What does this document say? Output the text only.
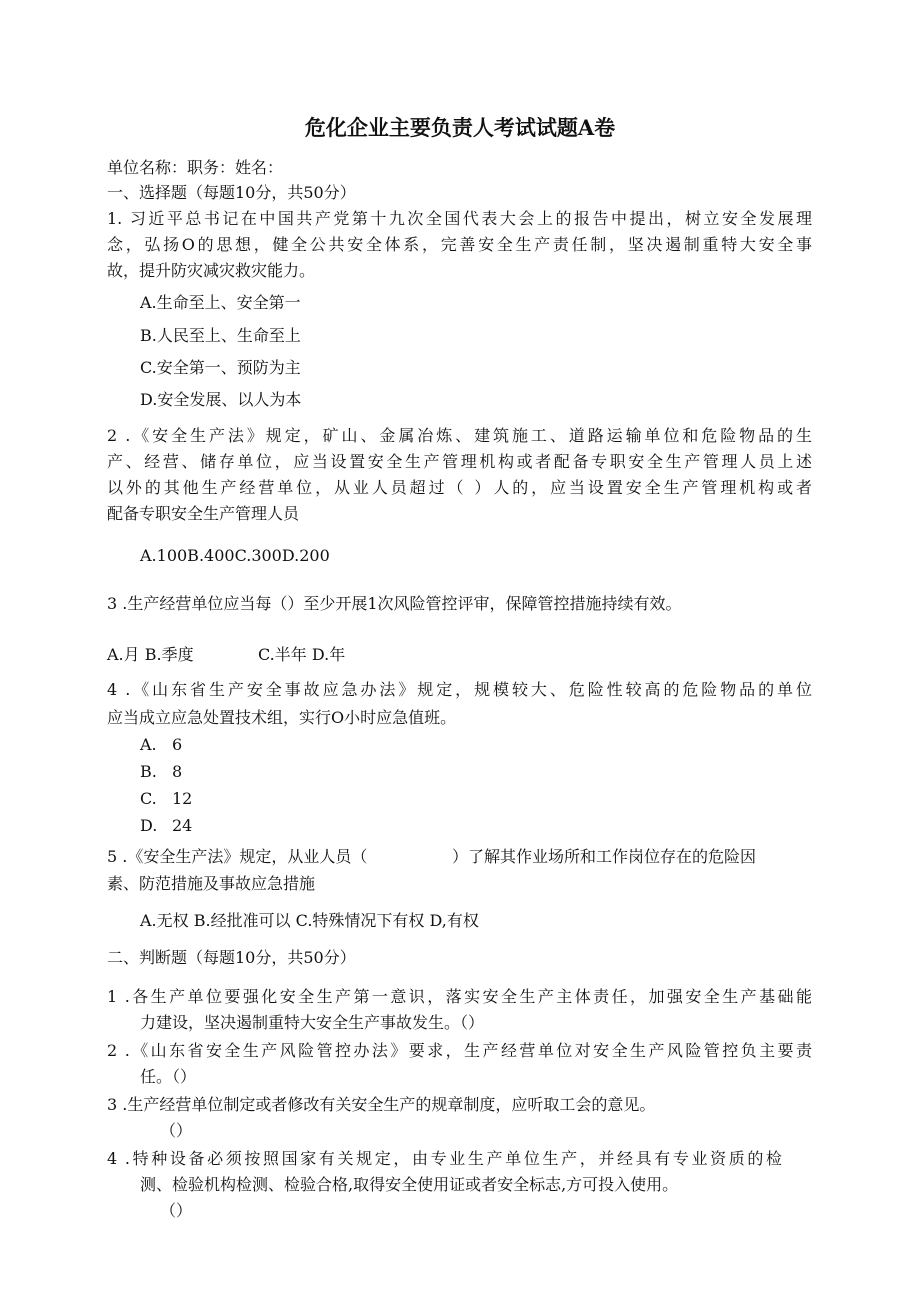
危化企业主要负责人考试试题A卷
单位名称：职务：姓名：
一、选择题（每题10分，共50分）
1. 习近平总书记在中国共产党第十九次全国代表大会上的报告中提出，树立安全发展理
念，弘扬O的思想，健全公共安全体系，完善安全生产责任制，坚决遏制重特大安全事
故，提升防灾减灾救灾能力。
A.生命至上、安全第一
B.人民至上、生命至上
C.安全第一、预防为主
D.安全发展、以人为本
2 .《安全生产法》规定，矿山、金属冶炼、建筑施工、道路运输单位和危险物品的生
产、经营、储存单位，应当设置安全生产管理机构或者配备专职安全生产管理人员上述
以外的其他生产经营单位，从业人员超过（ ）人的，应当设置安全生产管理机构或者
配备专职安全生产管理人员
A.100B.400C.300D.200
3 .生产经营单位应当每（）至少开展1次风险管控评审，保障管控措施持续有效。
A.月 B.季度	C.半年 D.年
4 .《山东省生产安全事故应急办法》规定，规模较大、危险性较高的危险物品的单位
应当成立应急处置技术组，实行O小时应急值班。
A. 6
B. 8
C. 12
D. 24
5 .《安全生产法》规定，从业人员（	）了解其作业场所和工作岗位存在的危险因
素、防范措施及事故应急措施
A.无权 B.经批准可以 C.特殊情况下有权 D,有权
二、判断题（每题10分，共50分）
1 .各生产单位要强化安全生产第一意识，落实安全生产主体责任，加强安全生产基础能
力建设，坚决遏制重特大安全生产事故发生。（）
2 .《山东省安全生产风险管控办法》要求，生产经营单位对安全生产风险管控负主要责
任。（）
3 .生产经营单位制定或者修改有关安全生产的规章制度，应听取工会的意见。
（）
4 .特种设备必须按照国家有关规定，由专业生产单位生产，并经具有专业资质的检
测、检验机构检测、检验合格,取得安全使用证或者安全标志,方可投入使用。
（）
